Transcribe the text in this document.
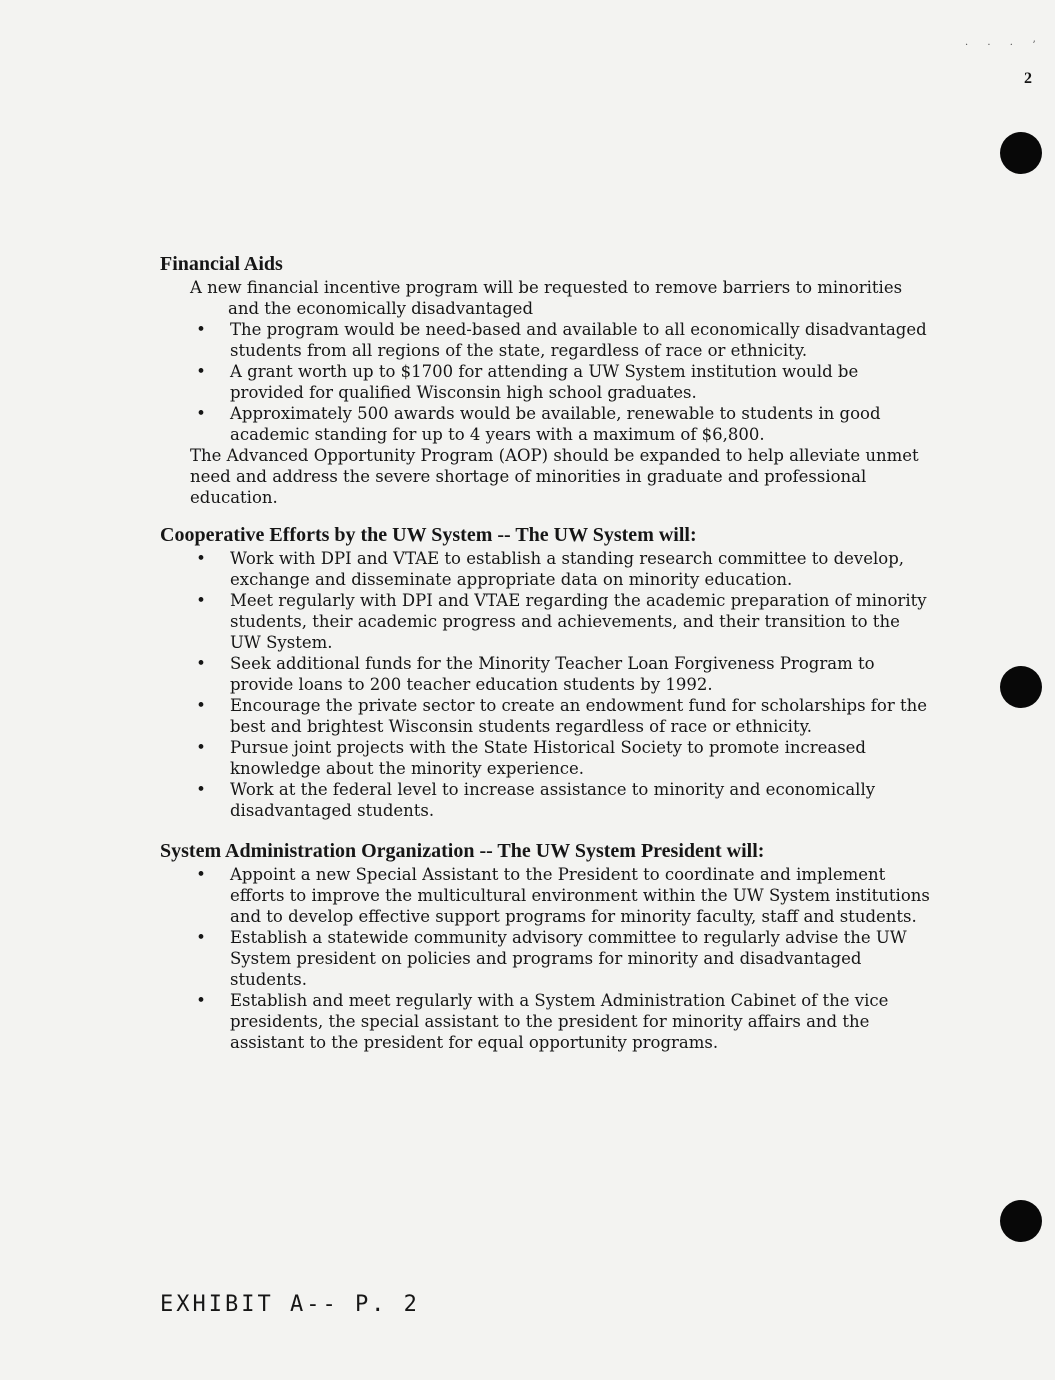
· · · ʼ
2
Financial Aids

A new financial incentive program will be requested to remove barriers to minorities and the economically disadvantaged

• The program would be need-based and available to all economically disadvantaged students from all regions of the state, regardless of race or ethnicity.
• A grant worth up to $1700 for attending a UW System institution would be provided for qualified Wisconsin high school graduates.
• Approximately 500 awards would be available, renewable to students in good academic standing for up to 4 years with a maximum of $6,800.

The Advanced Opportunity Program (AOP) should be expanded to help alleviate unmet need and address the severe shortage of minorities in graduate and professional education.

Cooperative Efforts by the UW System -- The UW System will:
• Work with DPI and VTAE to establish a standing research committee to develop, exchange and disseminate appropriate data on minority education.
• Meet regularly with DPI and VTAE regarding the academic preparation of minority students, their academic progress and achievements, and their transition to the UW System.
• Seek additional funds for the Minority Teacher Loan Forgiveness Program to provide loans to 200 teacher education students by 1992.
• Encourage the private sector to create an endowment fund for scholarships for the best and brightest Wisconsin students regardless of race or ethnicity.
• Pursue joint projects with the State Historical Society to promote increased knowledge about the minority experience.
• Work at the federal level to increase assistance to minority and economically disadvantaged students.
System Administration Organization -- The UW System President will:
• Appoint a new Special Assistant to the President to coordinate and implement efforts to improve the multicultural environment within the UW System institutions and to develop effective support programs for minority faculty, staff and students.
• Establish a statewide community advisory committee to regularly advise the UW System president on policies and programs for minority and disadvantaged students.
• Establish and meet regularly with a System Administration Cabinet of the vice presidents, the special assistant to the president for minority affairs and the assistant to the president for equal opportunity programs.
EXHIBIT A-- P. 2
